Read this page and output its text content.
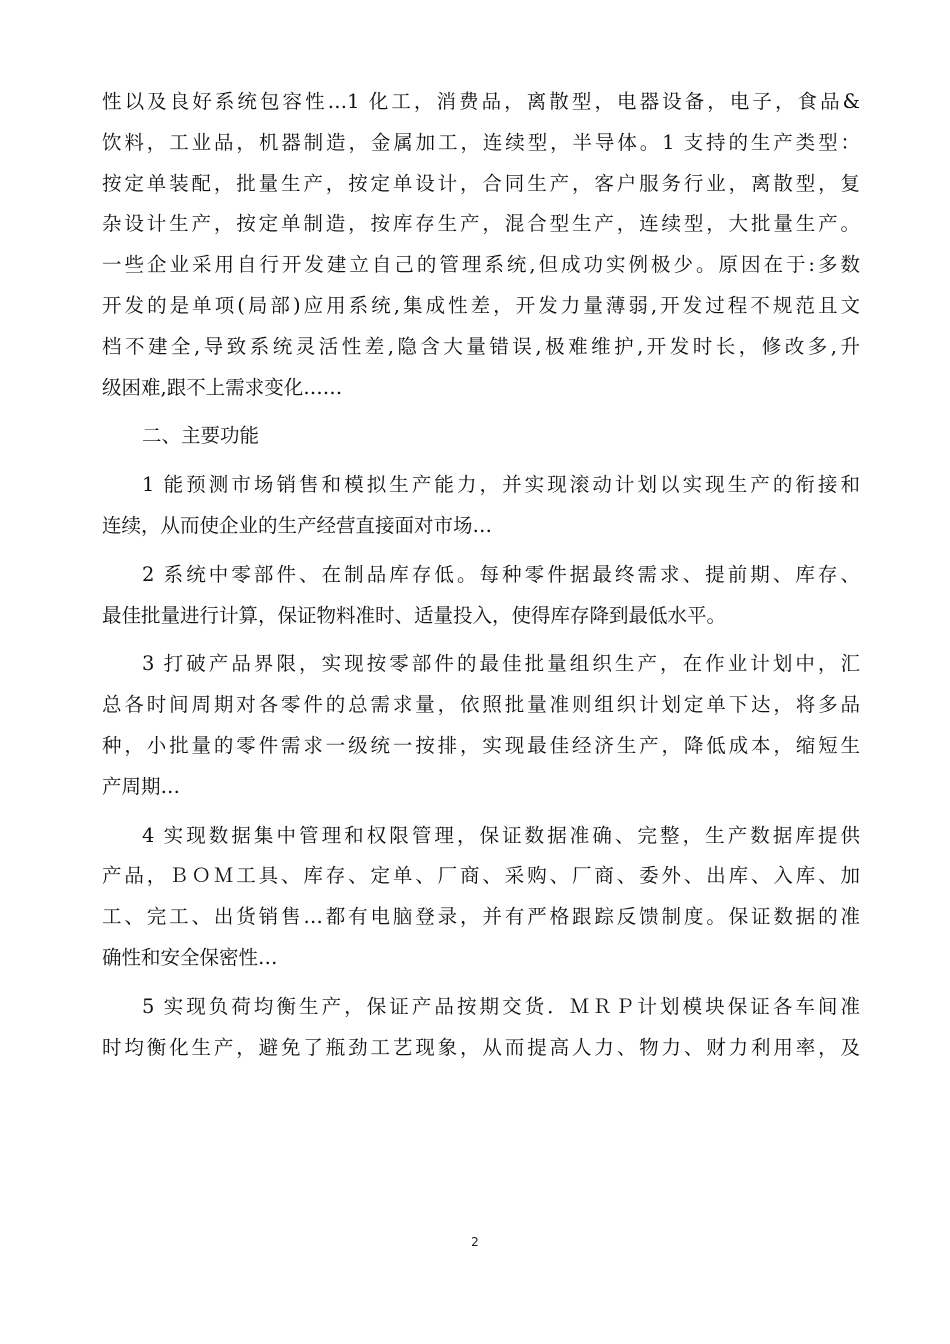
性以及良好系统包容性…1 化工，消费品，离散型，电器设备，电子，食品&
饮料，工业品，机器制造，金属加工，连续型，半导体。1 支持的生产类型：
按定单装配，批量生产，按定单设计，合同生产，客户服务行业，离散型，复
杂设计生产，按定单制造，按库存生产，混合型生产，连续型，大批量生产。
一些企业采用自行开发建立自己的管理系统,但成功实例极少。原因在于:多数
开发的是单项(局部)应用系统,集成性差，开发力量薄弱,开发过程不规范且文
档不建全,导致系统灵活性差,隐含大量错误,极难维护,开发时长，修改多,升
级困难,跟不上需求变化……
二、主要功能
1 能预测市场销售和模拟生产能力，并实现滚动计划以实现生产的衔接和
连续，从而使企业的生产经营直接面对市场…
2 系统中零部件、在制品库存低。每种零件据最终需求、提前期、库存、
最佳批量进行计算，保证物料准时、适量投入，使得库存降到最低水平。
3 打破产品界限，实现按零部件的最佳批量组织生产，在作业计划中，汇
总各时间周期对各零件的总需求量，依照批量准则组织计划定单下达，将多品
种，小批量的零件需求一级统一按排，实现最佳经济生产，降低成本，缩短生
产周期…
4 实现数据集中管理和权限管理，保证数据准确、完整，生产数据库提供
产品，ＢＯＭ工具、库存、定单、厂商、采购、厂商、委外、出库、入库、加
工、完工、出货销售…都有电脑登录，并有严格跟踪反馈制度。保证数据的准
确性和安全保密性…
5 实现负荷均衡生产，保证产品按期交货．ＭＲＰ计划模块保证各车间准
时均衡化生产，避免了瓶劲工艺现象，从而提高人力、物力、财力利用率，及
2
